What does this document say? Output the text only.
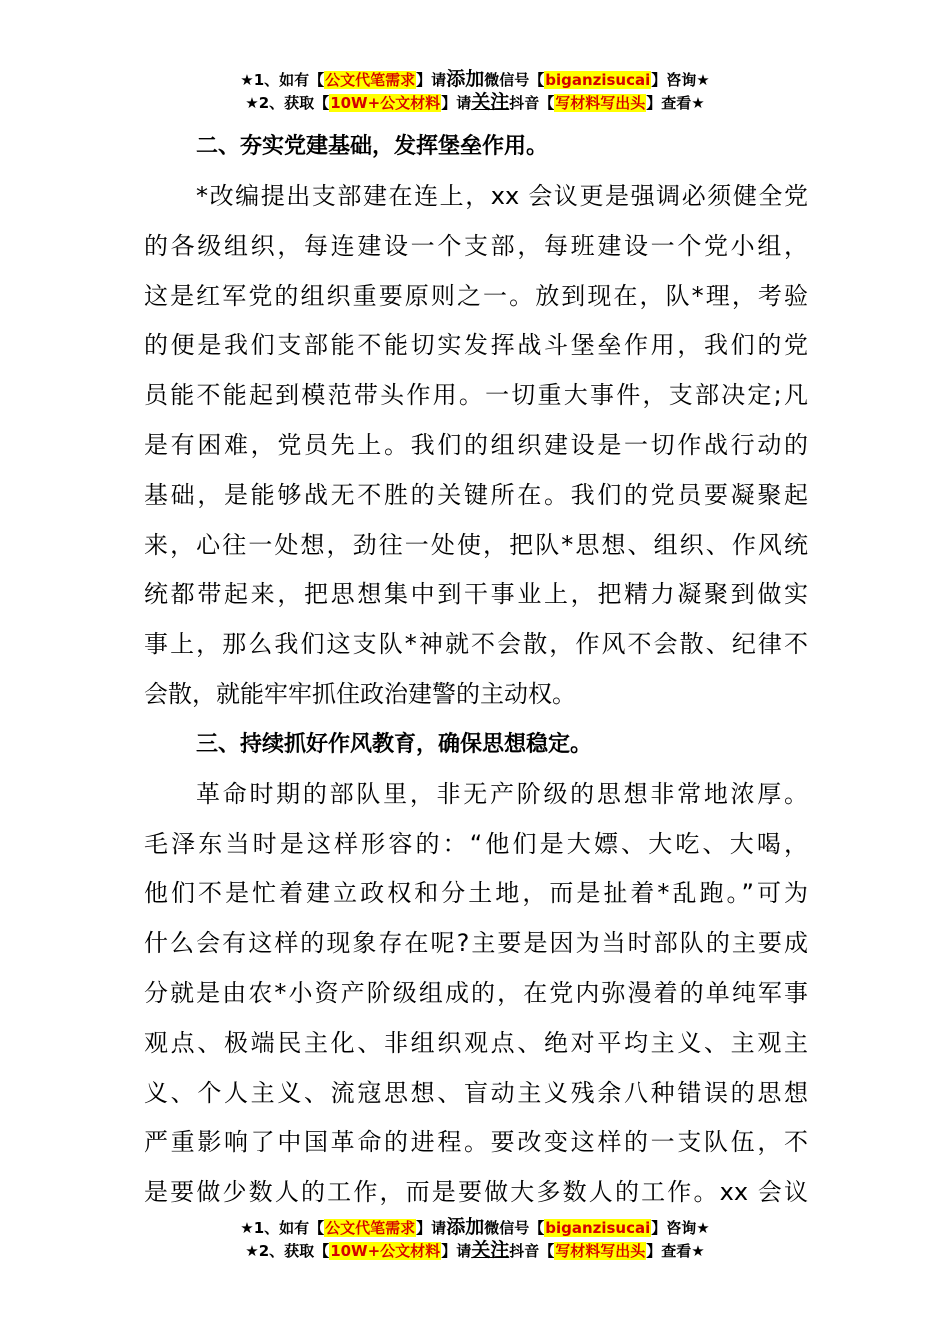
★1、如有【公文代笔需求】请添加微信号【biganzisucai】咨询★
★2、获取【10W+公文材料】请关注抖音【写材料写出头】查看★

二、夯实党建基础，发挥堡垒作用。

*改编提出支部建在连上，xx 会议更是强调必须健全党
的各级组织，每连建设一个支部，每班建设一个党小组，
这是红军党的组织重要原则之一。放到现在，队*理，考验
的便是我们支部能不能切实发挥战斗堡垒作用，我们的党
员能不能起到模范带头作用。一切重大事件，支部决定;凡
是有困难，党员先上。我们的组织建设是一切作战行动的
基础，是能够战无不胜的关键所在。我们的党员要凝聚起
来，心往一处想，劲往一处使，把队*思想、组织、作风统
统都带起来，把思想集中到干事业上，把精力凝聚到做实
事上，那么我们这支队*神就不会散，作风不会散、纪律不
会散，就能牢牢抓住政治建警的主动权。

三、持续抓好作风教育，确保思想稳定。

革命时期的部队里，非无产阶级的思想非常地浓厚。
毛泽东当时是这样形容的：“他们是大嫖、大吃、大喝，
他们不是忙着建立政权和分土地，而是扯着*乱跑。”可为
什么会有这样的现象存在呢?主要是因为当时部队的主要成
分就是由农*小资产阶级组成的，在党内弥漫着的单纯军事
观点、极端民主化、非组织观点、绝对平均主义、主观主
义、个人主义、流寇思想、盲动主义残余八种错误的思想
严重影响了中国革命的进程。要改变这样的一支队伍，不
是要做少数人的工作，而是要做大多数人的工作。xx 会议
★1、如有【公文代笔需求】请添加微信号【biganzisucai】咨询★
★2、获取【10W+公文材料】请关注抖音【写材料写出头】查看★
